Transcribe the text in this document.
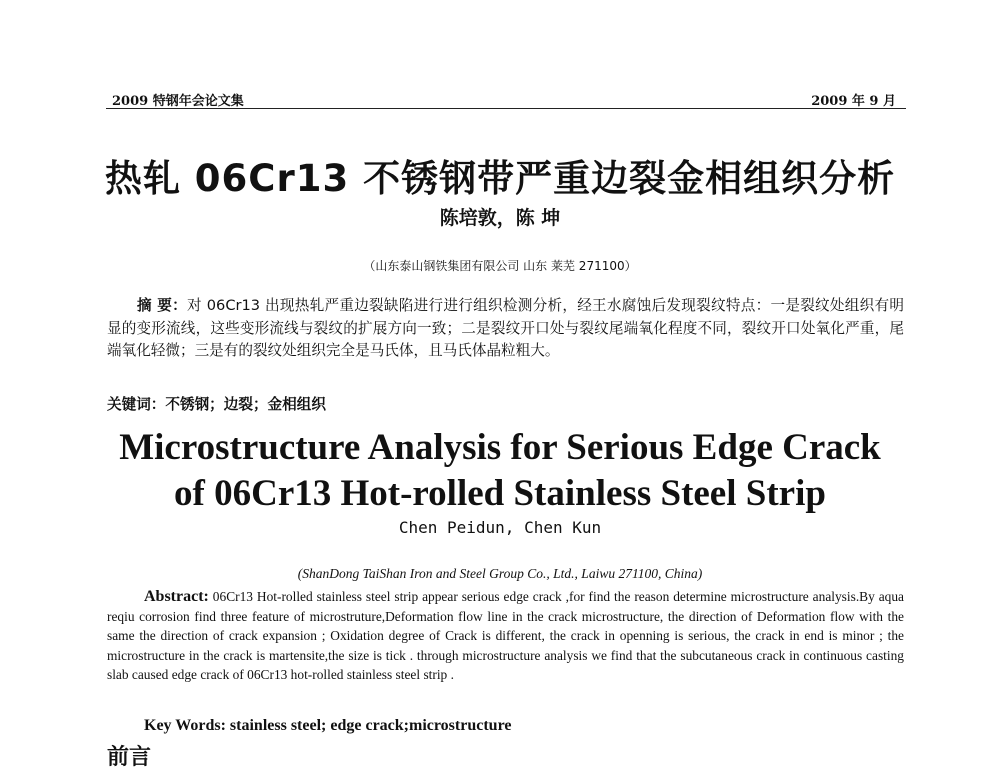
2009 特钢年会论文集	2009 年 9 月
热轧 06Cr13 不锈钢带严重边裂金相组织分析
陈培敦，陈 坤
（山东泰山钢铁集团有限公司 山东 莱芜 271100）
摘 要：对 06Cr13 出现热轧严重边裂缺陷进行进行组织检测分析，经王水腐蚀后发现裂纹特点：一是裂纹处组织有明显的变形流线，这些变形流线与裂纹的扩展方向一致；二是裂纹开口处与裂纹尾端氧化程度不同，裂纹开口处氧化严重，尾端氧化轻微；三是有的裂纹处组织完全是马氏体，且马氏体晶粒粗大。
关键词：不锈钢；边裂；金相组织
Microstructure Analysis for Serious Edge Crack
of 06Cr13 Hot-rolled Stainless Steel Strip
Chen Peidun, Chen Kun
(ShanDong TaiShan Iron and Steel Group Co., Ltd., Laiwu 271100, China)
Abstract: 06Cr13 Hot-rolled stainless steel strip appear serious edge crack ,for find the reason determine microstructure analysis.By aqua reqiu corrosion find three feature of microstruture,Deformation flow line in the crack microstructure, the direction of Deformation flow with the same the direction of crack expansion ; Oxidation degree of Crack is different, the crack in openning is serious, the crack in end is minor ; the microstructure in the crack is martensite,the size is tick . through microstructure analysis we find that the subcutaneous crack in continuous casting slab caused edge crack of 06Cr13 hot-rolled stainless steel strip .
Key Words: stainless steel; edge crack;microstructure
前言
